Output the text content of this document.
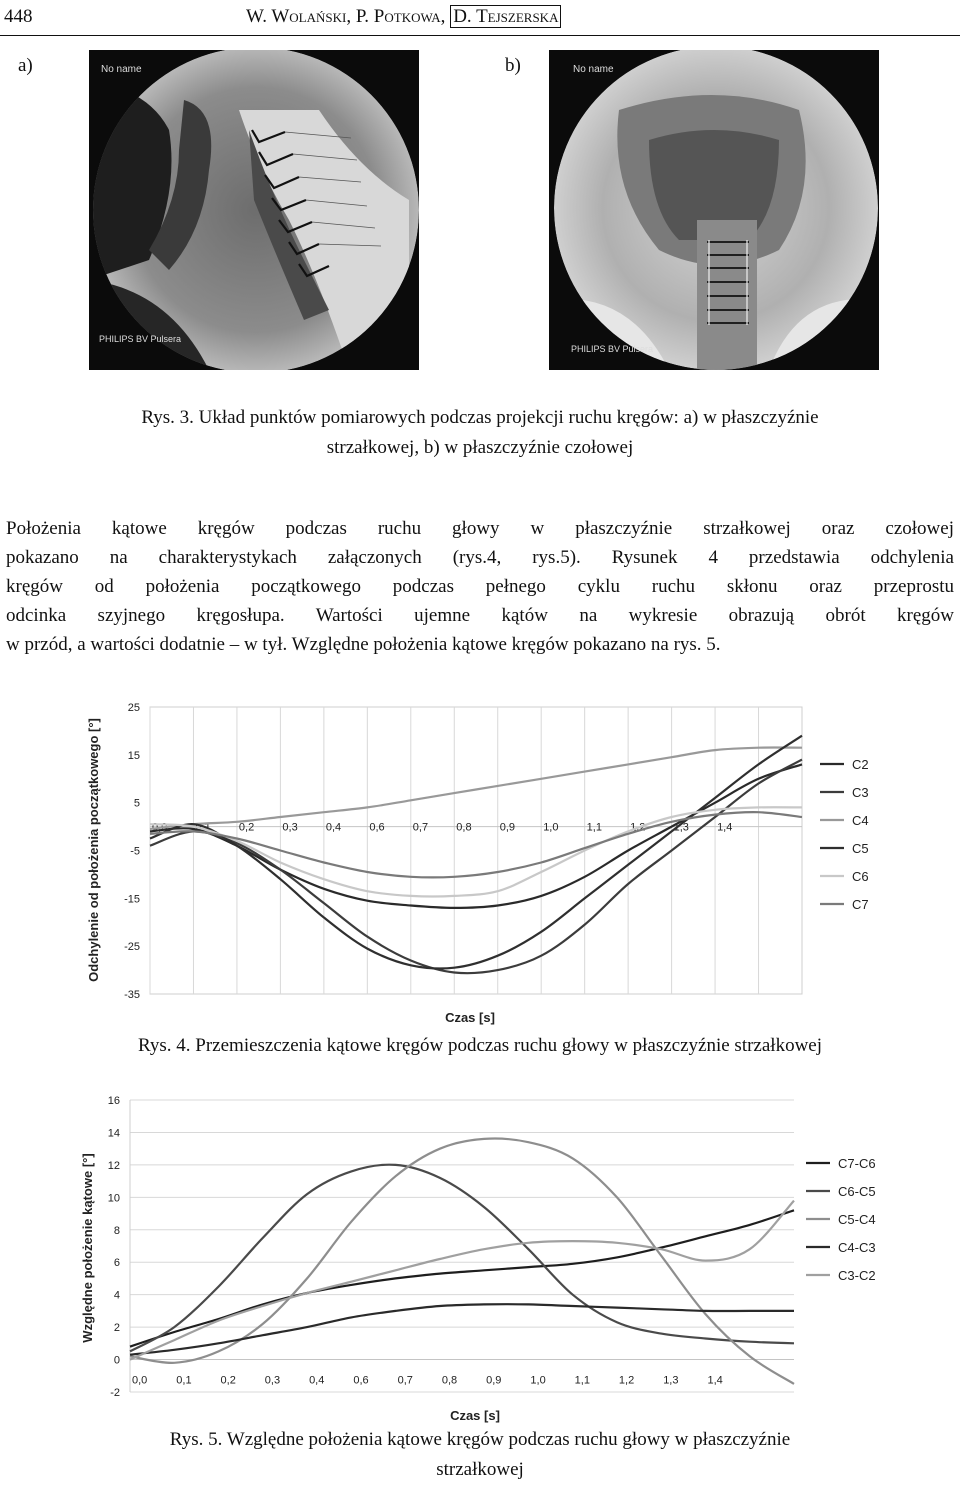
448	W. Wolański, P. Potkowa, D. Tejszerska
a)	b)
No name
PHILIPS BV Pulsera
No name
PHILIPS BV Pulsera
Rys. 3. Układ punktów pomiarowych podczas projekcji ruchu kręgów: a) w płaszczyźnie
strzałkowej, b) w płaszczyźnie czołowej
Położenia kątowe kręgów podczas ruchu głowy w płaszczyźnie strzałkowej oraz czołowej
pokazano na charakterystykach załączonych (rys.4, rys.5). Rysunek 4 przedstawia odchylenia
kręgów od położenia początkowego podczas pełnego cyklu ruchu skłonu oraz przeprostu
odcinka szyjnego kręgosłupa. Wartości ujemne kątów na wykresie obrazują obrót kręgów
w przód, a wartości dodatnie – w tył. Względne położenia kątowe kręgów pokazano na rys. 5.
25
15
5
-5
-15
-25
-35
0,0	0,1	0,2	0,3	0,4	0,6	0,7	0,8	0,9	1,0	1,1	1,2	1,3	1,4
C2
C3
C4
C5
C6
C7
Czas [s]
Odchylenie od położenia początkowego [°]
Rys. 4. Przemieszczenia kątowe kręgów podczas ruchu głowy w płaszczyźnie strzałkowej
16
14
12
10
8
6
4
2
0
-2
0,0	0,1	0,2	0,3	0,4	0,6	0,7	0,8	0,9	1,0	1,1	1,2	1,3	1,4
C7-C6
C6-C5
C5-C4
C4-C3
C3-C2
Czas [s]
Względne położenie kątowe [°]
Rys. 5. Względne położenia kątowe kręgów podczas ruchu głowy w płaszczyźnie
strzałkowej
